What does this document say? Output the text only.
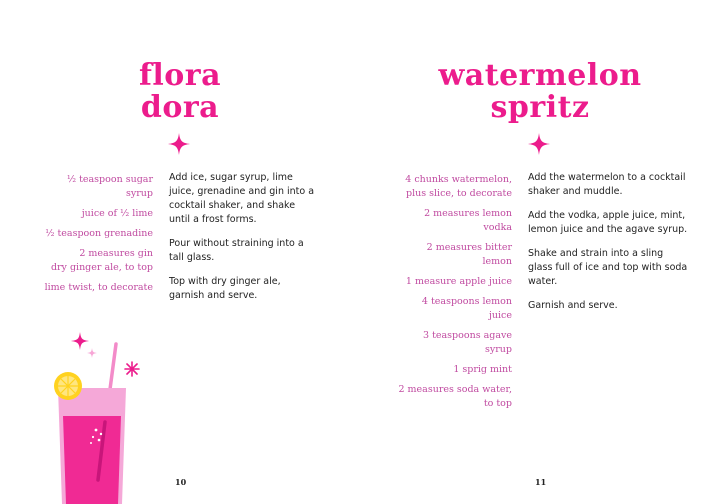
flora
dora
½ teaspoon sugar syrup
juice of ½ lime
½ teaspoon grenadine
2 measures gin
dry ginger ale, to top
lime twist, to decorate

Add ice, sugar syrup, lime juice, grenadine and gin into a cocktail shaker, and shake until a frost forms.

Pour without straining into a tall glass.

Top with dry ginger ale, garnish and serve.

10

watermelon
spritz
4 chunks watermelon, plus slice, to decorate
2 measures lemon vodka
2 measures bitter lemon
1 measure apple juice
4 teaspoons lemon juice
3 teaspoons agave syrup
1 sprig mint
2 measures soda water, to top

Add the watermelon to a cocktail shaker and muddle.

Add the vodka, apple juice, mint, lemon juice and the agave syrup.

Shake and strain into a sling glass full of ice and top with soda water.

Garnish and serve.

11
